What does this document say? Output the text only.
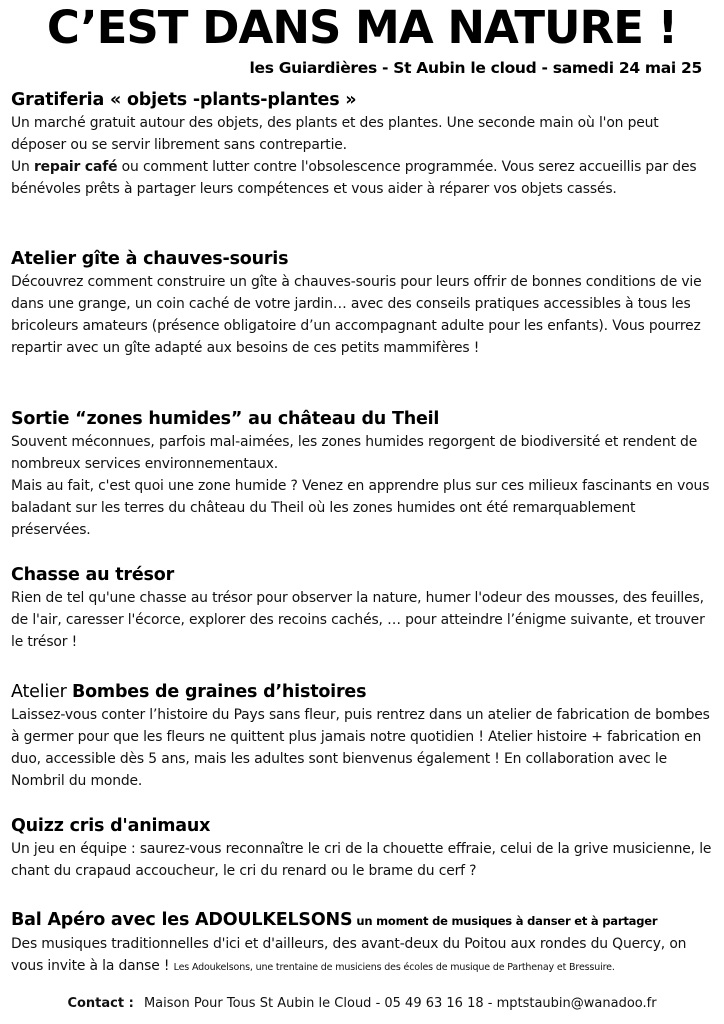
C’EST DANS MA NATURE !
les Guiardières - St Aubin le cloud - samedi 24 mai 25
Gratiferia « objets -plants-plantes »

Un marché gratuit autour des objets, des plants et des plantes. Une seconde main où l'on peut déposer ou se servir librement sans contrepartie.

Un repair café ou comment lutter contre l'obsolescence programmée. Vous serez accueillis par des bénévoles prêts à partager leurs compétences et vous aider à réparer vos objets cassés.

Atelier gîte à chauves-souris

Découvrez comment construire un gîte à chauves-souris pour leurs offrir de bonnes conditions de vie dans une grange, un coin caché de votre jardin… avec des conseils pratiques accessibles à tous les bricoleurs amateurs (présence obligatoire d’un accompagnant adulte pour les enfants). Vous pourrez repartir avec un gîte adapté aux besoins de ces petits mammifères !

Sortie “zones humides” au château du Theil

Souvent méconnues, parfois mal-aimées, les zones humides regorgent de biodiversité et rendent de nombreux services environnementaux.

Mais au fait, c'est quoi une zone humide ? Venez en apprendre plus sur ces milieux fascinants en vous baladant sur les terres du château du Theil où les zones humides ont été remarquablement préservées.

Chasse au trésor

Rien de tel qu'une chasse au trésor pour observer la nature, humer l'odeur des mousses, des feuilles, de l'air, caresser l'écorce, explorer des recoins cachés, … pour atteindre l’énigme suivante, et trouver le trésor !

Atelier Bombes de graines d’histoires

Laissez-vous conter l’histoire du Pays sans fleur, puis rentrez dans un atelier de fabrication de bombes à germer pour que les fleurs ne quittent plus jamais notre quotidien ! Atelier histoire + fabrication en duo, accessible dès 5 ans, mais les adultes sont bienvenus également ! En collaboration avec le Nombril du monde.

Quizz cris d'animaux

Un jeu en équipe : saurez-vous reconnaître le cri de la chouette effraie, celui de la grive musicienne, le chant du crapaud accoucheur, le cri du renard ou le brame du cerf ?

Bal Apéro avec les ADOULKELSONS un moment de musiques à danser et à partager

Des musiques traditionnelles d'ici et d'ailleurs, des avant-deux du Poitou aux rondes du Quercy, on vous invite à la danse ! Les Adoukelsons, une trentaine de musiciens des écoles de musique de Parthenay et Bressuire.

Contact : Maison Pour Tous St Aubin le Cloud - 05 49 63 16 18 - mptstaubin@wanadoo.fr
